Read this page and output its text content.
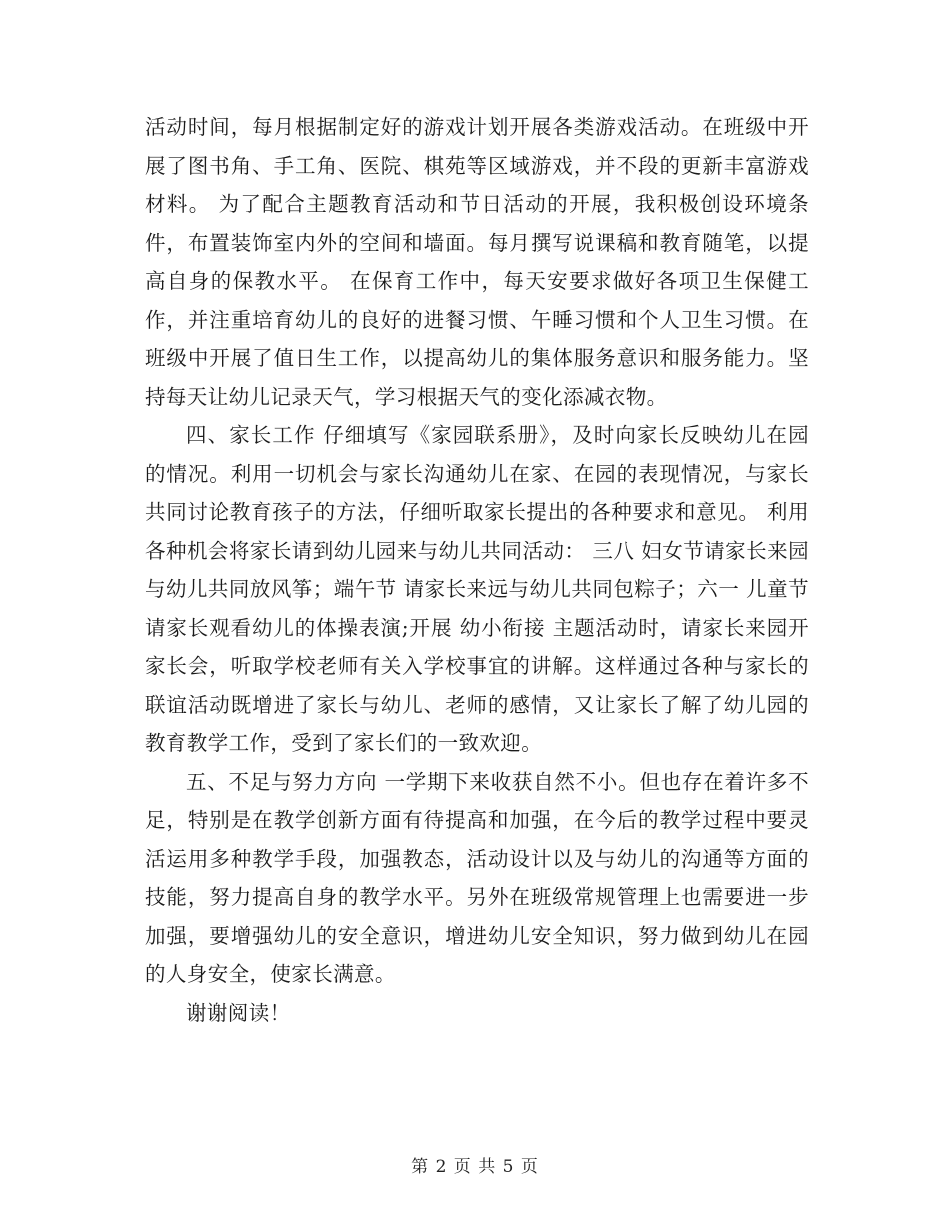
活动时间，每月根据制定好的游戏计划开展各类游戏活动。在班级中开展了图书角、手工角、医院、棋苑等区域游戏，并不段的更新丰富游戏材料。 为了配合主题教育活动和节日活动的开展，我积极创设环境条件，布置装饰室内外的空间和墙面。每月撰写说课稿和教育随笔，以提高自身的保教水平。 在保育工作中，每天安要求做好各项卫生保健工作，并注重培育幼儿的良好的进餐习惯、午睡习惯和个人卫生习惯。在班级中开展了值日生工作，以提高幼儿的集体服务意识和服务能力。坚持每天让幼儿记录天气，学习根据天气的变化添减衣物。

四、家长工作 仔细填写《家园联系册》，及时向家长反映幼儿在园的情况。利用一切机会与家长沟通幼儿在家、在园的表现情况，与家长共同讨论教育孩子的方法，仔细听取家长提出的各种要求和意见。 利用各种机会将家长请到幼儿园来与幼儿共同活动： 三八 妇女节请家长来园与幼儿共同放风筝；端午节 请家长来远与幼儿共同包粽子；六一 儿童节请家长观看幼儿的体操表演;开展 幼小衔接 主题活动时，请家长来园开家长会，听取学校老师有关入学校事宜的讲解。这样通过各种与家长的联谊活动既增进了家长与幼儿、老师的感情，又让家长了解了幼儿园的教育教学工作，受到了家长们的一致欢迎。

五、不足与努力方向 一学期下来收获自然不小。但也存在着许多不足，特别是在教学创新方面有待提高和加强，在今后的教学过程中要灵活运用多种教学手段，加强教态，活动设计以及与幼儿的沟通等方面的技能，努力提高自身的教学水平。另外在班级常规管理上也需要进一步加强，要增强幼儿的安全意识，增进幼儿安全知识，努力做到幼儿在园的人身安全，使家长满意。

谢谢阅读！

第 2 页 共 5 页
